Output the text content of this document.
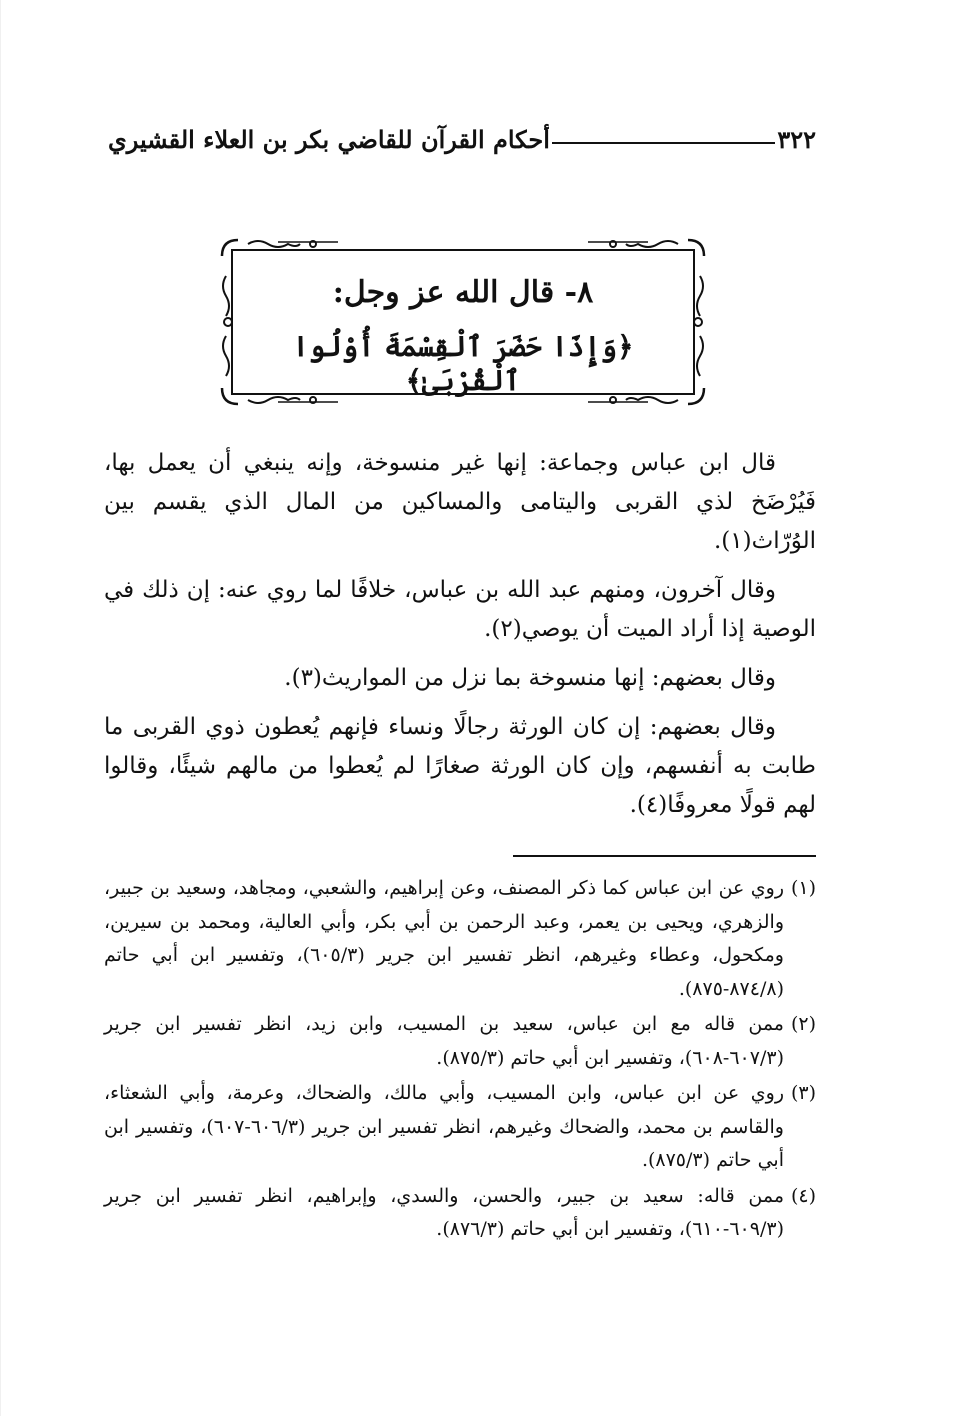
٣٢٢
أحكام القرآن للقاضي بكر بن العلاء القشيري
٨- قال الله عز وجل:
﴿وَإِذَا حَضَرَ ٱلْقِسْمَةَ أُوْلُوا ٱلْقُرْبَىٰ﴾

قال ابن عباس وجماعة: إنها غير منسوخة، وإنه ينبغي أن يعمل بها، فَيُرْضَخ لذي القربى واليتامى والمساكين من المال الذي يقسم بين الوُرّاث(١).

وقال آخرون، ومنهم عبد الله بن عباس، خلافًا لما روي عنه: إن ذلك في الوصية إذا أراد الميت أن يوصي(٢).

وقال بعضهم: إنها منسوخة بما نزل من المواريث(٣).

وقال بعضهم: إن كان الورثة رجالًا ونساء فإنهم يُعطون ذوي القربى ما طابت به أنفسهم، وإن كان الورثة صغارًا لم يُعطوا من مالهم شيئًا، وقالوا لهم قولًا معروفًا(٤).

(١)
روي عن ابن عباس كما ذكر المصنف، وعن إبراهيم، والشعبي، ومجاهد، وسعيد بن جبير، والزهري، ويحيى بن يعمر، وعبد الرحمن بن أبي بكر، وأبي العالية، ومحمد بن سيرين، ومكحول، وعطاء وغيرهم، انظر تفسير ابن جرير (٦٠٥/٣)، وتفسير ابن أبي حاتم (٨٧٤/٨-٨٧٥).
(٢)
ممن قاله مع ابن عباس، سعيد بن المسيب، وابن زيد، انظر تفسير ابن جرير (٦٠٧/٣-٦٠٨)، وتفسير ابن أبي حاتم (٨٧٥/٣).
(٣)
روي عن ابن عباس، وابن المسيب، وأبي مالك، والضحاك، وعرمة، وأبي الشعثاء، والقاسم بن محمد، والضحاك وغيرهم، انظر تفسير ابن جرير (٦٠٦/٣-٦٠٧)، وتفسير ابن أبي حاتم (٨٧٥/٣).
(٤)
ممن قاله: سعيد بن جبير، والحسن، والسدي، وإبراهيم، انظر تفسير ابن جرير (٦٠٩/٣-٦١٠)، وتفسير ابن أبي حاتم (٨٧٦/٣).
